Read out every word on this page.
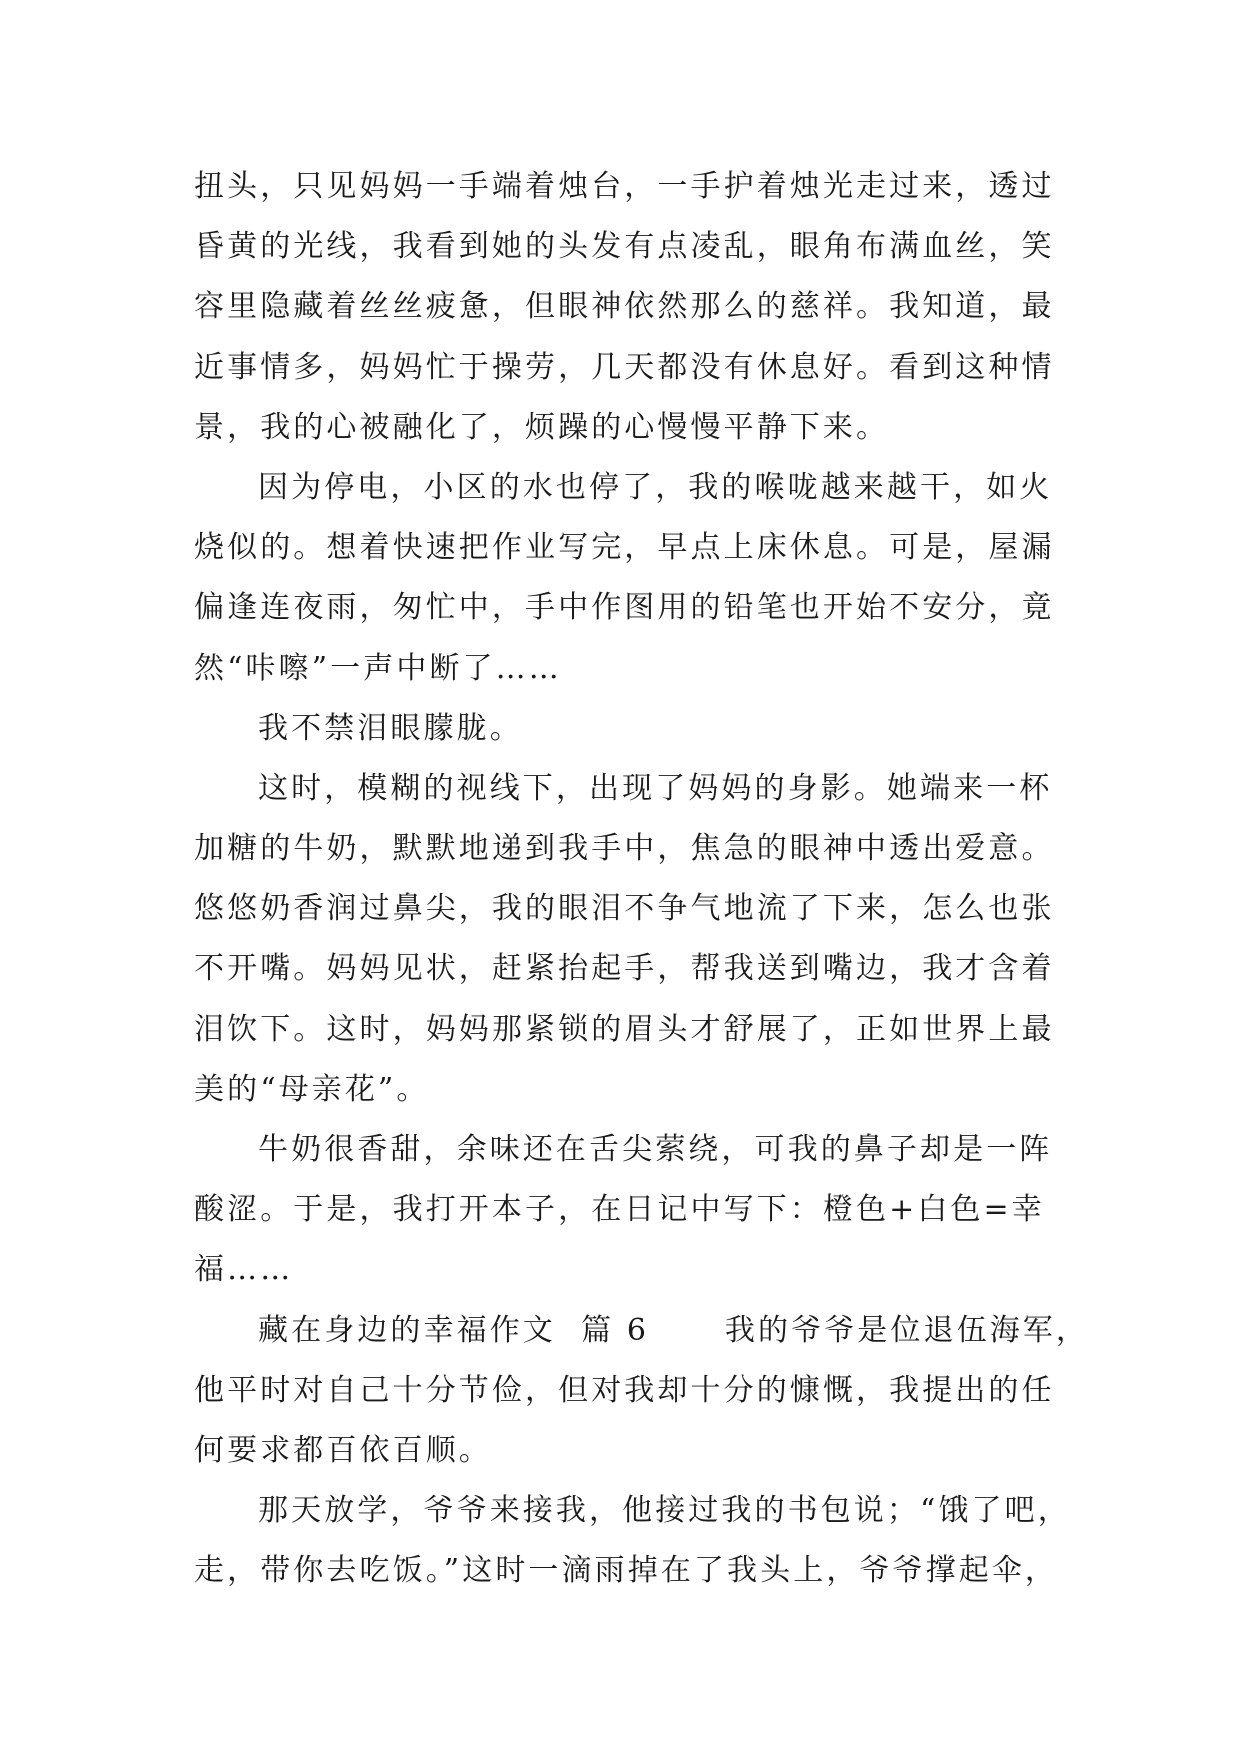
扭头，只见妈妈一手端着烛台，一手护着烛光走过来，透过
昏黄的光线，我看到她的头发有点凌乱，眼角布满血丝，笑
容里隐藏着丝丝疲惫，但眼神依然那么的慈祥。我知道，最
近事情多，妈妈忙于操劳，几天都没有休息好。看到这种情
景，我的心被融化了，烦躁的心慢慢平静下来。
因为停电，小区的水也停了，我的喉咙越来越干，如火
烧似的。想着快速把作业写完，早点上床休息。可是，屋漏
偏逢连夜雨，匆忙中，手中作图用的铅笔也开始不安分，竟
然“咔嚓”一声中断了……
我不禁泪眼朦胧。
这时，模糊的视线下，出现了妈妈的身影。她端来一杯
加糖的牛奶，默默地递到我手中，焦急的眼神中透出爱意。
悠悠奶香润过鼻尖，我的眼泪不争气地流了下来，怎么也张
不开嘴。妈妈见状，赶紧抬起手，帮我送到嘴边，我才含着
泪饮下。这时，妈妈那紧锁的眉头才舒展了，正如世界上最
美的“母亲花”。
牛奶很香甜，余味还在舌尖萦绕，可我的鼻子却是一阵
酸涩。于是，我打开本子，在日记中写下：橙色+白色=幸
福……
藏在身边的幸福作文  篇 6      我的爷爷是位退伍海军，
他平时对自己十分节俭，但对我却十分的慷慨，我提出的任
何要求都百依百顺。
那天放学，爷爷来接我，他接过我的书包说；“饿了吧，
走，带你去吃饭。”这时一滴雨掉在了我头上，爷爷撑起伞，
